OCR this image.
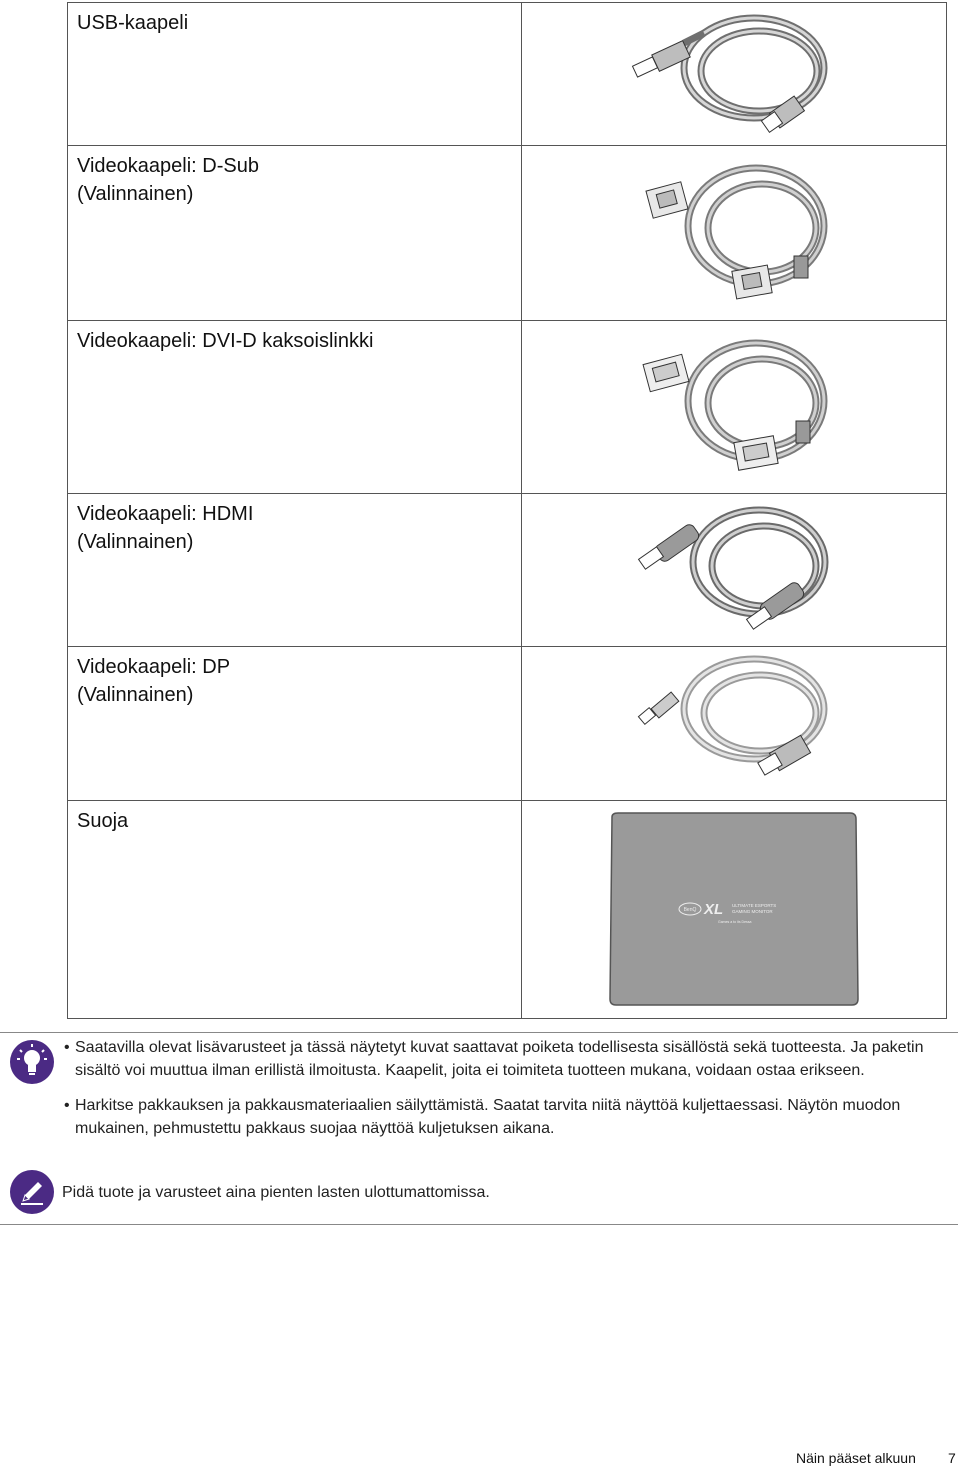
USB-kaapeli

Videokaapeli: D-Sub
(Valinnainen)

Videokaapeli: DVI-D kaksoislinkki

Videokaapeli: HDMI
(Valinnainen)

Videokaapeli: DP
(Valinnainen)

Suoja	BenQ XL ULTIMATE ESPORTS
GAMING MONITOR
Games a to its Dessa

• Saatavilla olevat lisävarusteet ja tässä näytetyt kuvat saattavat poiketa todellisesta sisällöstä sekä tuotteesta. Ja paketin sisältö voi muuttua ilman erillistä ilmoitusta. Kaapelit, joita ei toimiteta tuotteen mukana, voidaan ostaa erikseen.

• Harkitse pakkauksen ja pakkausmateriaalien säilyttämistä. Saatat tarvita niitä näyttöä kuljettaessasi. Näytön muodon mukainen, pehmustettu pakkaus suojaa näyttöä kuljetuksen aikana.

Pidä tuote ja varusteet aina pienten lasten ulottumattomissa.
Näin pääset alkuun 7
